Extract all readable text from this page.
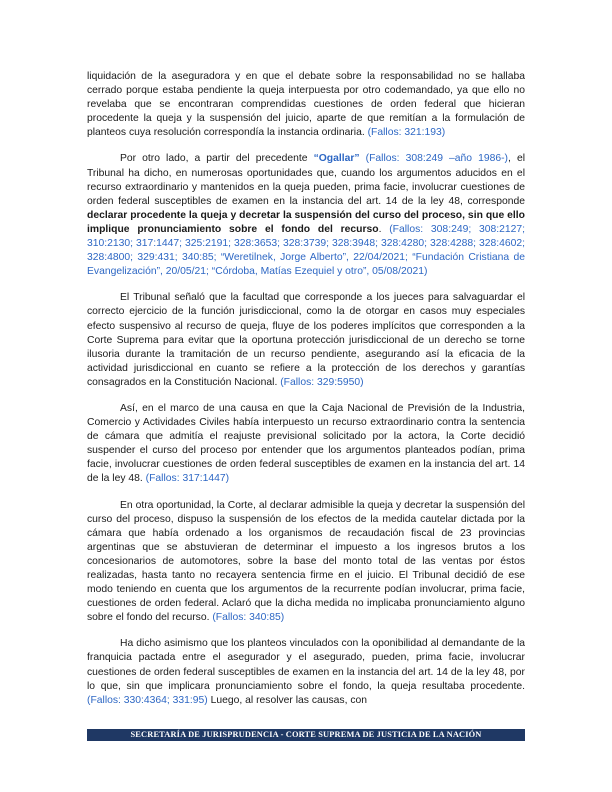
liquidación de la aseguradora y en que el debate sobre la responsabilidad no se hallaba cerrado porque estaba pendiente la queja interpuesta por otro codemandado, ya que ello no revelaba que se encontraran comprendidas cuestiones de orden federal que hicieran procedente la queja y la suspensión del juicio, aparte de que remitían a la formulación de planteos cuya resolución correspondía la instancia ordinaria. (Fallos: 321:193)

Por otro lado, a partir del precedente “Ogallar” (Fallos: 308:249 –año 1986-), el Tribunal ha dicho, en numerosas oportunidades que, cuando los argumentos aducidos en el recurso extraordinario y mantenidos en la queja pueden, prima facie, involucrar cuestiones de orden federal susceptibles de examen en la instancia del art. 14 de la ley 48, corresponde declarar procedente la queja y decretar la suspensión del curso del proceso, sin que ello implique pronunciamiento sobre el fondo del recurso. (Fallos: 308:249; 308:2127; 310:2130; 317:1447; 325:2191; 328:3653; 328:3739; 328:3948; 328:4280; 328:4288; 328:4602; 328:4800; 329:431; 340:85; “Weretilnek, Jorge Alberto”, 22/04/2021; “Fundación Cristiana de Evangelización”, 20/05/21; “Córdoba, Matías Ezequiel y otro”, 05/08/2021)

El Tribunal señaló que la facultad que corresponde a los jueces para salvaguardar el correcto ejercicio de la función jurisdiccional, como la de otorgar en casos muy especiales efecto suspensivo al recurso de queja, fluye de los poderes implícitos que corresponden a la Corte Suprema para evitar que la oportuna protección jurisdiccional de un derecho se torne ilusoria durante la tramitación de un recurso pendiente, asegurando así la eficacia de la actividad jurisdiccional en cuanto se refiere a la protección de los derechos y garantías consagrados en la Constitución Nacional. (Fallos: 329:5950)

Así, en el marco de una causa en que la Caja Nacional de Previsión de la Industria, Comercio y Actividades Civiles había interpuesto un recurso extraordinario contra la sentencia de cámara que admitía el reajuste previsional solicitado por la actora, la Corte decidió suspender el curso del proceso por entender que los argumentos planteados podían, prima facie, involucrar cuestiones de orden federal susceptibles de examen en la instancia del art. 14 de la ley 48. (Fallos: 317:1447)

En otra oportunidad, la Corte, al declarar admisible la queja y decretar la suspensión del curso del proceso, dispuso la suspensión de los efectos de la medida cautelar dictada por la cámara que había ordenado a los organismos de recaudación fiscal de 23 provincias argentinas que se abstuvieran de determinar el impuesto a los ingresos brutos a los concesionarios de automotores, sobre la base del monto total de las ventas por éstos realizadas, hasta tanto no recayera sentencia firme en el juicio. El Tribunal decidió de ese modo teniendo en cuenta que los argumentos de la recurrente podían involucrar, prima facie, cuestiones de orden federal. Aclaró que la dicha medida no implicaba pronunciamiento alguno sobre el fondo del recurso. (Fallos: 340:85)

Ha dicho asimismo que los planteos vinculados con la oponibilidad al demandante de la franquicia pactada entre el asegurador y el asegurado, pueden, prima facie, involucrar cuestiones de orden federal susceptibles de examen en la instancia del art. 14 de la ley 48, por lo que, sin que implicara pronunciamiento sobre el fondo, la queja resultaba procedente. (Fallos: 330:4364; 331:95) Luego, al resolver las causas, con

SECRETARÍA DE JURISPRUDENCIA - CORTE SUPREMA DE JUSTICIA DE LA NACIÓN
